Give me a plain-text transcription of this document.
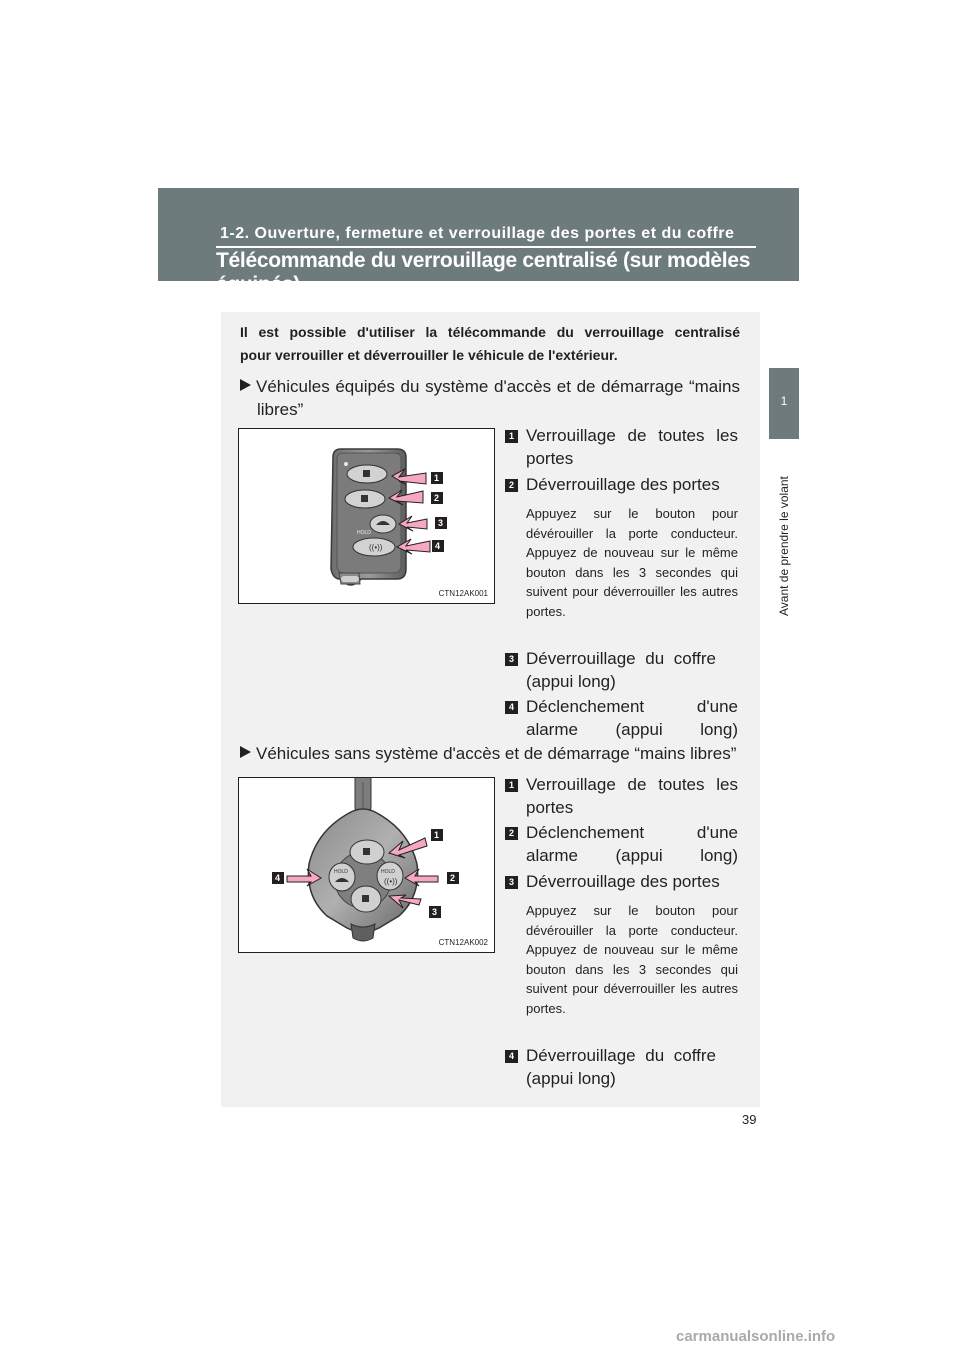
1-2. Ouverture, fermeture et verrouillage des portes et du coffre
Télécommande du verrouillage centralisé (sur modèles équipés)
1
Avant de prendre le volant
Il est possible d'utiliser la télécommande du verrouillage centralisé
pour verrouiller et déverrouiller le véhicule de l'extérieur.
Véhicules équipés du système d'accès et de démarrage “mains
libres”
HOLD
((•))
1
2
3
4
CTN12AK001
1 Verrouillage de toutes les portes
2 Déverrouillage des portes
Appuyez sur le bouton pour dévérouiller la porte conducteur. Appuyez de nouveau sur le même bouton dans les 3 secondes qui suivent pour déverrouiller les autres portes.
3 Déverrouillage du coffre (appui long)
4 Déclenchement d'une alarme (appui long)
Véhicules sans système d'accès et de démarrage “mains libres”
HOLD	HOLD
((•))
1
2
3
4
CTN12AK002
1 Verrouillage de toutes les portes
2 Déclenchement d'une alarme (appui long)
3 Déverrouillage des portes
Appuyez sur le bouton pour dévérouiller la porte conducteur. Appuyez de nouveau sur le même bouton dans les 3 secondes qui suivent pour déverrouiller les autres portes.
4 Déverrouillage du coffre (appui long)
39
carmanualsonline.info
